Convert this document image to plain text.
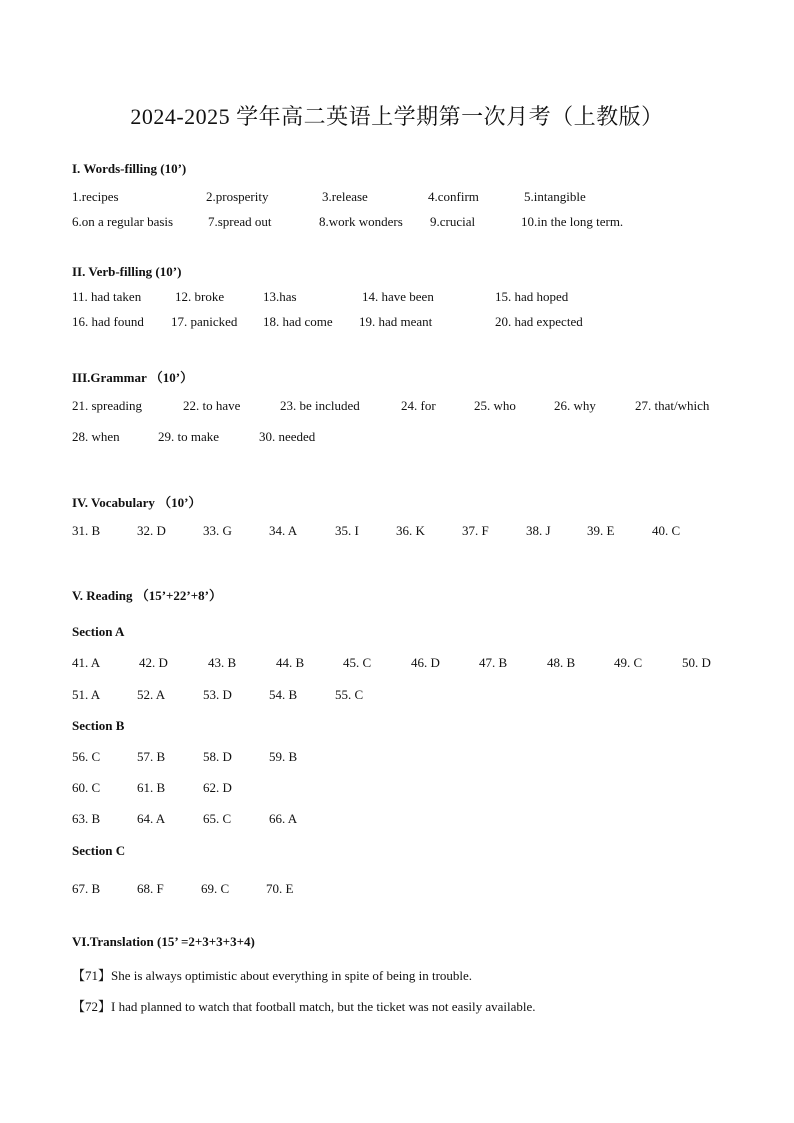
2024-2025 学年高二英语上学期第一次月考（上教版）
I. Words-filling (10’)
1.recipes	2.prosperity	3.release	4.confirm	5.intangible
6.on a regular basis	7.spread out	8.work wonders 9.crucial	10.in the long term.
II. Verb-filling (10’)
11. had taken	12. broke	13.has	14. have been	15. had hoped
16. had found 17. panicked 18. had come 19. had meant	20. had expected
III.Grammar （10’）
21. spreading	22. to have	23. be included	24. for	25. who	26. why	27. that/which
28. when	29. to make	30. needed
IV. Vocabulary （10’）
31. B	32. D	33. G	34. A	35. I	36. K	37. F	38. J	39. E	40. C
V. Reading （15’+22’+8’）
Section A
41. A	42. D	43. B	44. B	45. C	46. D	47. B	48. B	49. C	50. D
51. A	52. A	53. D	54. B	55. C
Section B
56. C	57. B	58. D	59. B
60. C	61. B	62. D
63. B	64. A	65. C	66. A
Section C
67. B	68. F	69. C	70. E
VI.Translation (15’ =2+3+3+3+4)
【71】She is always optimistic about everything in spite of being in trouble.
【72】I had planned to watch that football match, but the ticket was not easily available.
